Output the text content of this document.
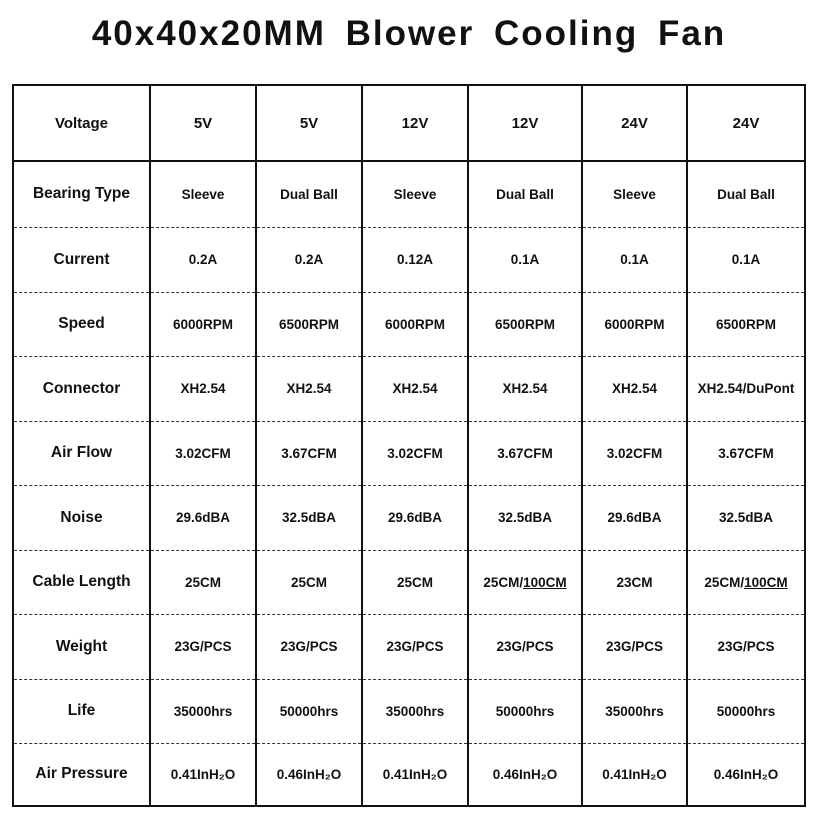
40x40x20MM Blower Cooling Fan
Voltage	5V	5V	12V	12V	24V	24V
Bearing Type	Sleeve	Dual Ball	Sleeve	Dual Ball	Sleeve	Dual Ball
Current	0.2A	0.2A	0.12A	0.1A	0.1A	0.1A
Speed	6000RPM	6500RPM	6000RPM	6500RPM	6000RPM	6500RPM
Connector	XH2.54	XH2.54	XH2.54	XH2.54	XH2.54	XH2.54/DuPont
Air Flow	3.02CFM	3.67CFM	3.02CFM	3.67CFM	3.02CFM	3.67CFM
Noise	29.6dBA	32.5dBA	29.6dBA	32.5dBA	29.6dBA	32.5dBA
Cable Length	25CM	25CM	25CM	25CM/100CM	23CM	25CM/100CM
Weight	23G/PCS	23G/PCS	23G/PCS	23G/PCS	23G/PCS	23G/PCS
Life	35000hrs	50000hrs	35000hrs	50000hrs	35000hrs	50000hrs
Air Pressure	0.41InH₂O	0.46InH₂O	0.41InH₂O	0.46InH₂O	0.41InH₂O	0.46InH₂O
